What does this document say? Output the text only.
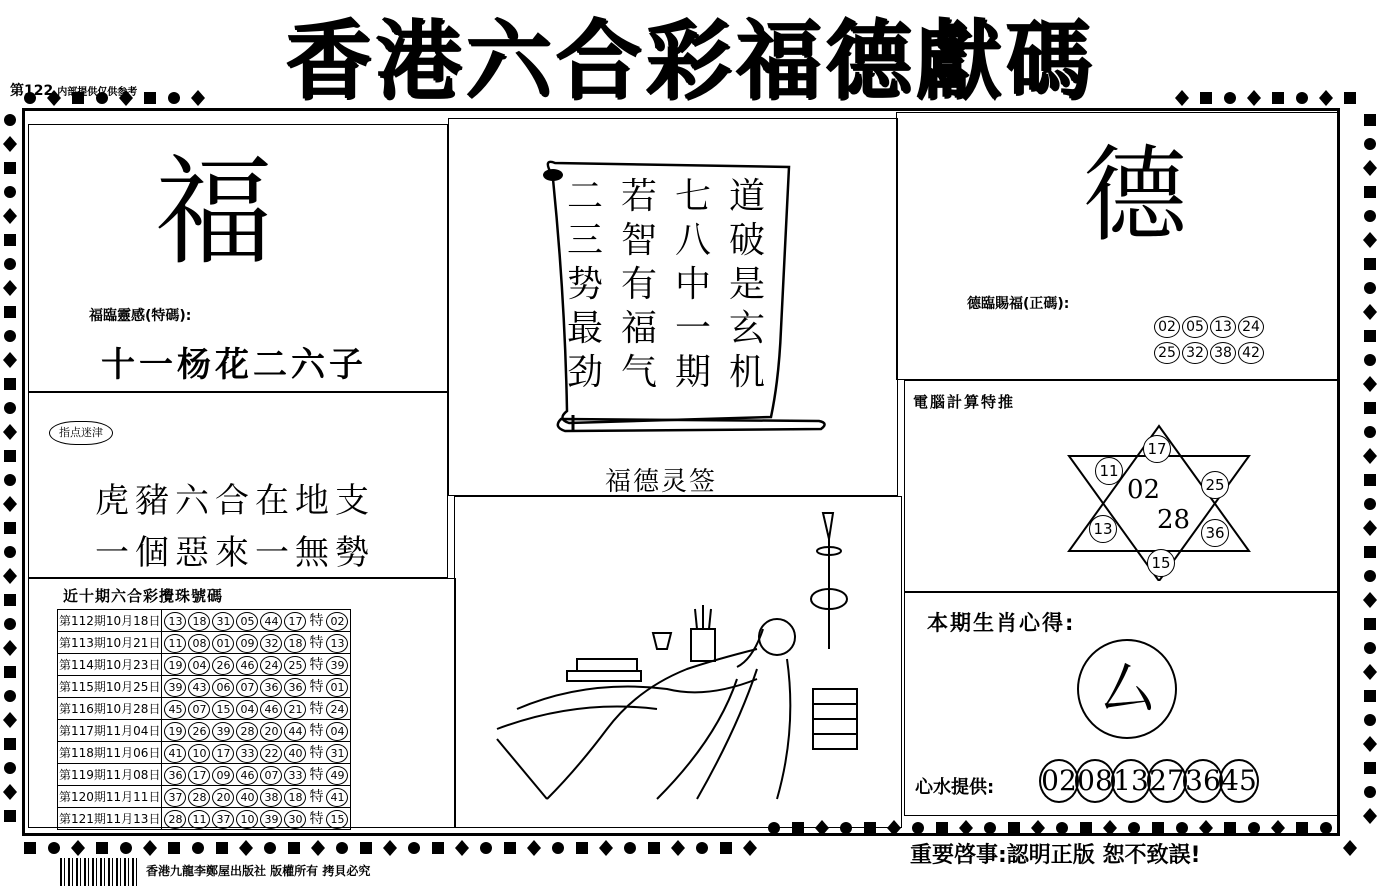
香港六合彩福德獻碼
第122 内部提供仅供参考
福
福臨靈感(特碼):
十一杨花二六子
指点迷津
虎豬六合在地支
一個惡來一無勢
近十期六合彩攪珠號碼
第112期10月18日	13 18 31 05 44 17 特 02
第113期10月21日	11 08 01 09 32 18 特 13
第114期10月23日	19 04 26 46 24 25 特 39
第115期10月25日	39 43 06 07 36 36 特 01
第116期10月28日	45 07 15 04 46 21 特 24
第117期11月04日	19 26 39 28 20 44 特 04
第118期11月06日	41 10 17 33 22 40 特 31
第119期11月08日	36 17 09 46 07 33 特 49
第120期11月11日	37 28 20 40 38 18 特 41
第121期11月13日	28 11 37 10 39 30 特 15
道破是玄机
七八中一期
若智有福气
二三势最劲
福德灵签
德
德臨賜福(正碼):
02 05 13 24
25 32 38 42
電腦計算特推
17
25
36
15
13
11
02
28
本期生肖心得:
厶
心水提供: 020813273645
香港九龍李鄭屋出版社 版權所有 拷貝必究
重要啓事:認明正版 恕不致誤!
